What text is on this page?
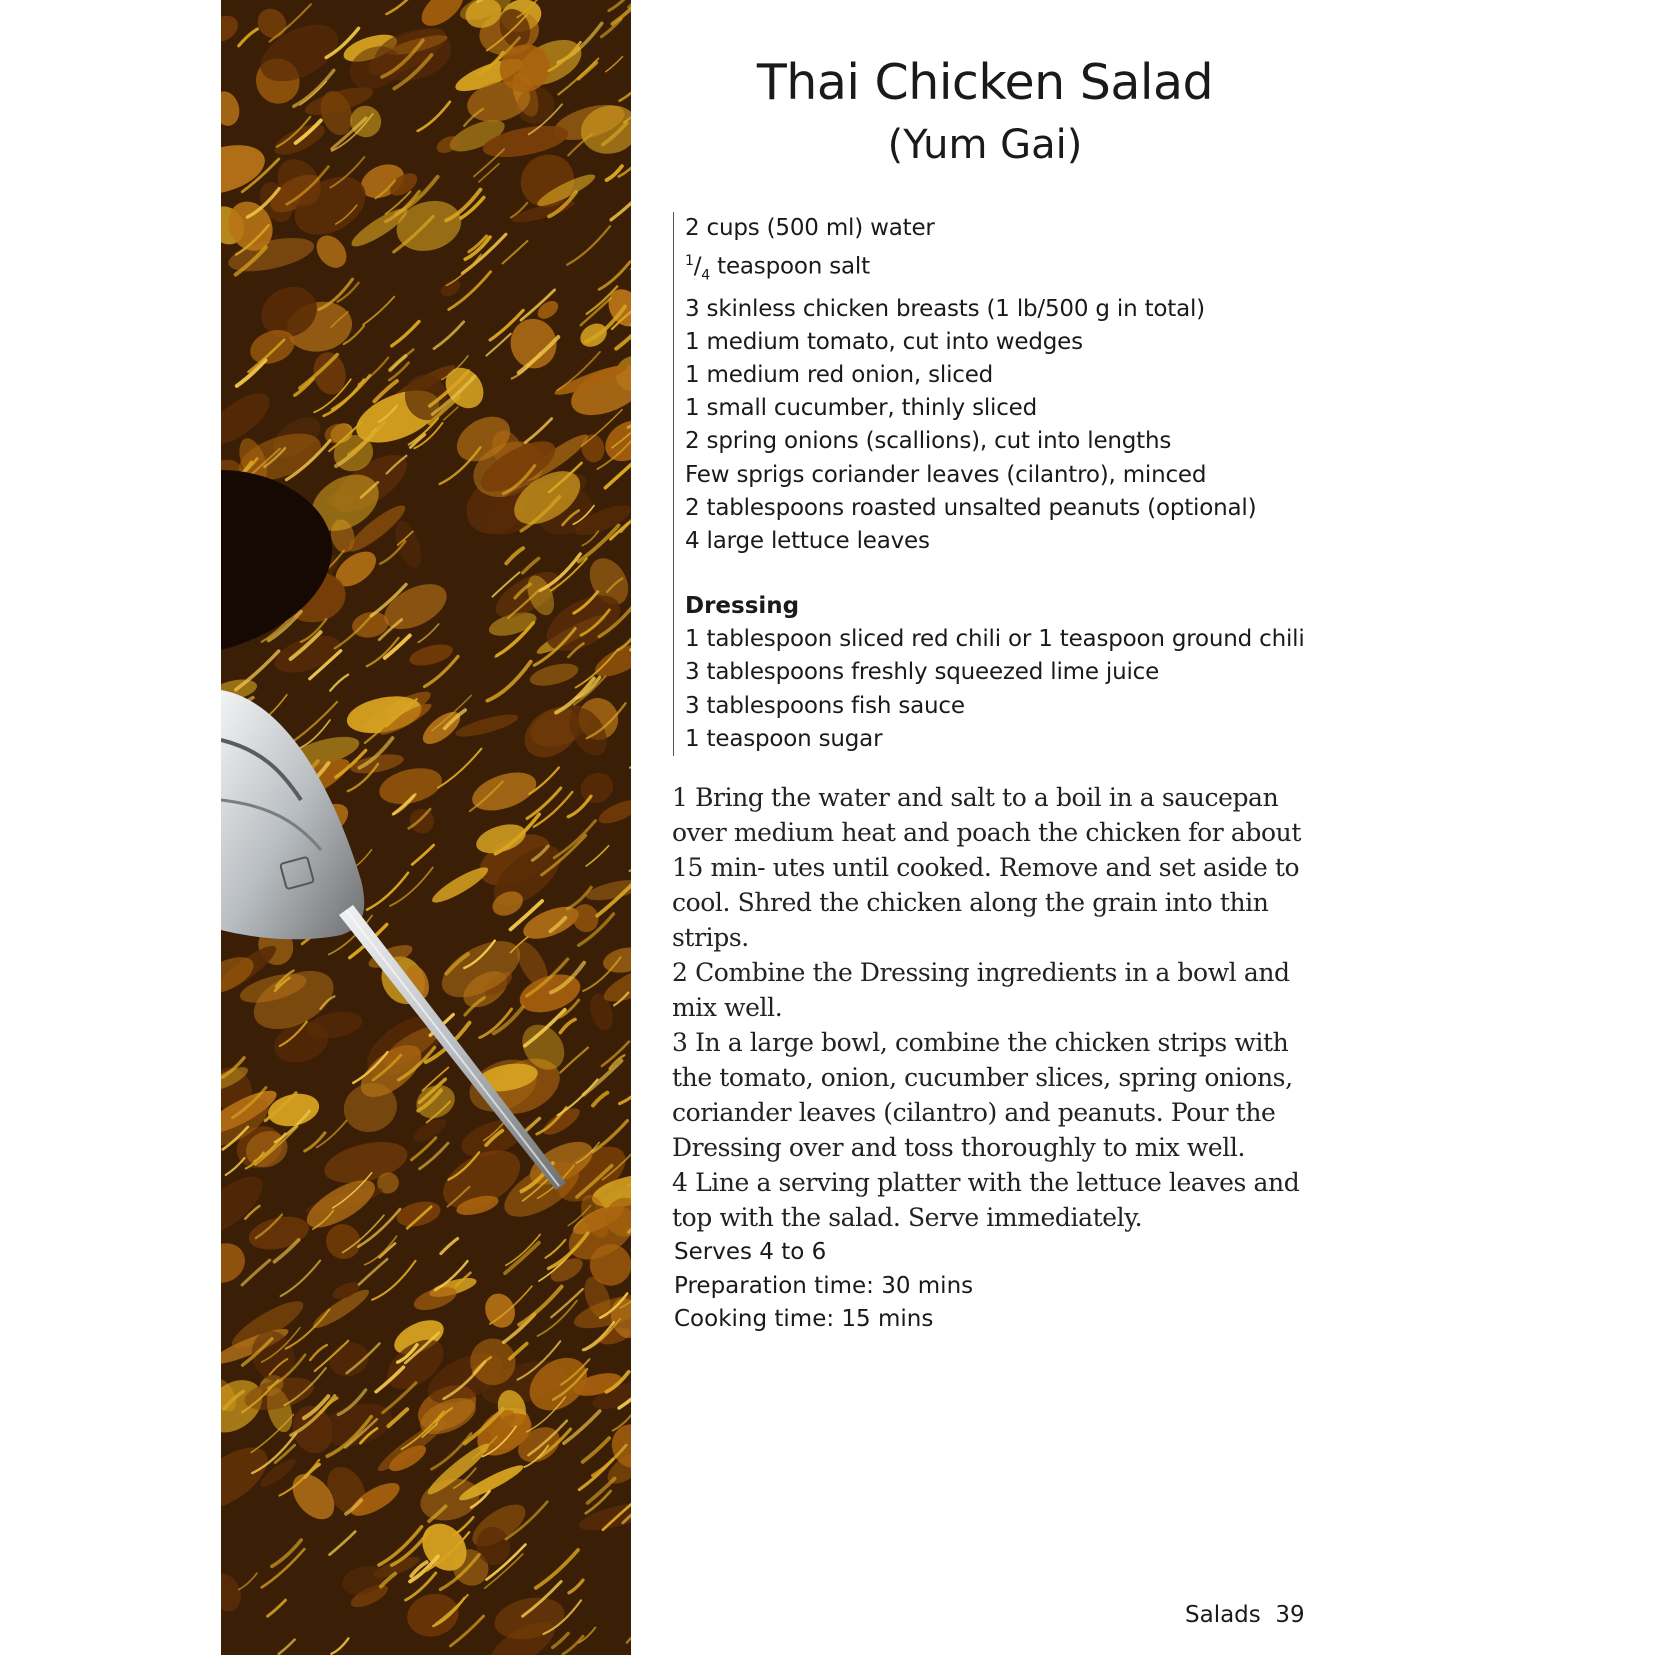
Thai Chicken Salad
(Yum Gai)
2 cups (500 ml) water
$^1/_4$ teaspoon salt
3 skinless chicken breasts (1 lb/500 g in total)
1 medium tomato, cut into wedges
1 medium red onion, sliced
1 small cucumber, thinly sliced
2 spring onions (scallions), cut into lengths
Few sprigs coriander leaves (cilantro), minced
2 tablespoons roasted unsalted peanuts (optional)
4 large lettuce leaves
Dressing
1 tablespoon sliced red chili or 1 teaspoon ground chili
3 tablespoons freshly squeezed lime juice
3 tablespoons fish sauce
1 teaspoon sugar

1 Bring the water and salt to a boil in a saucepan over medium heat and poach the chicken for about 15 min- utes until cooked. Remove and set aside to cool. Shred the chicken along the grain into thin strips.

2 Combine the Dressing ingredients in a bowl and mix well.

3 In a large bowl, combine the chicken strips with the tomato, onion, cucumber slices, spring onions, coriander leaves (cilantro) and peanuts. Pour the Dressing over and toss thoroughly to mix well.

4 Line a serving platter with the lettuce leaves and top with the salad. Serve immediately.

Serves 4 to 6
Preparation time: 30 mins
Cooking time: 15 mins
Salads 39
